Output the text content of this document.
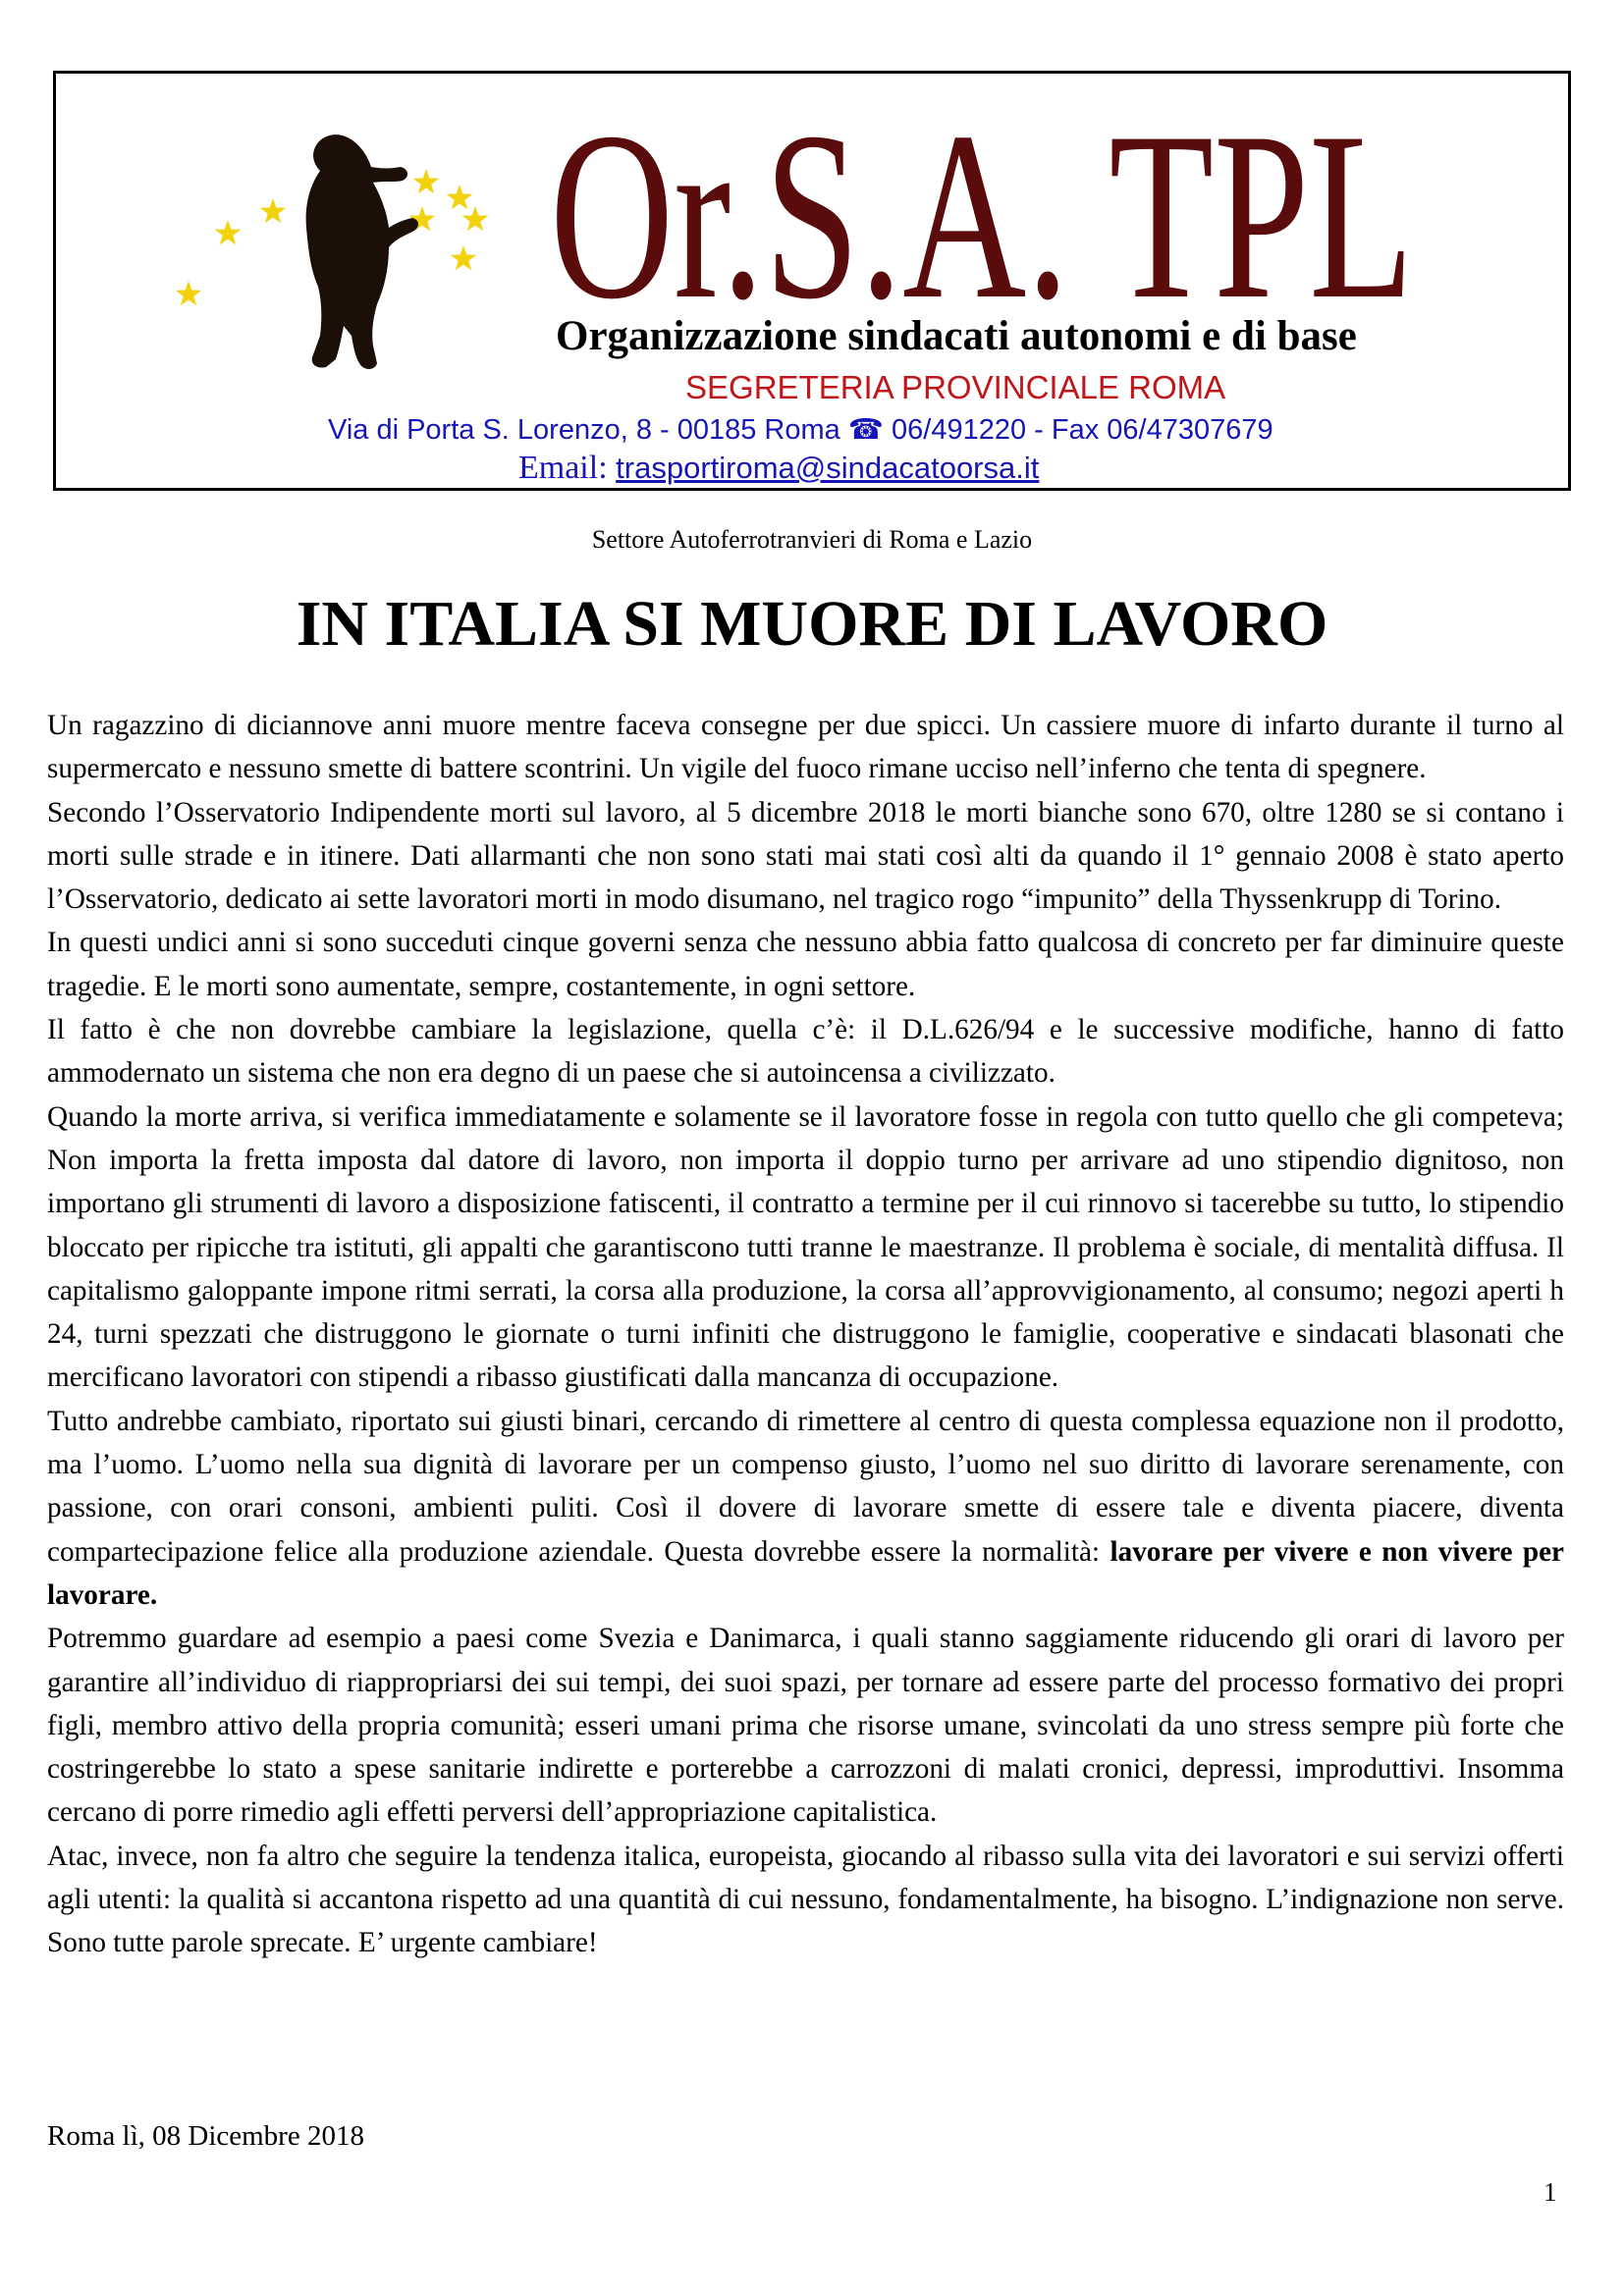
Or.S.A. TPL
Organizzazione sindacati autonomi e di base
SEGRETERIA PROVINCIALE ROMA
Via di Porta S. Lorenzo, 8 - 00185 Roma ☎ 06/491220 - Fax 06/47307679
Email: trasportiroma@sindacatoorsa.it
Settore Autoferrotranvieri di Roma e Lazio
IN ITALIA SI MUORE DI LAVORO

Un ragazzino di diciannove anni muore mentre faceva consegne per due spicci. Un cassiere muore di infarto durante il turno al supermercato e nessuno smette di battere scontrini. Un vigile del fuoco rimane ucciso nell’inferno che tenta di spegnere.

Secondo l’Osservatorio Indipendente morti sul lavoro, al 5 dicembre 2018 le morti bianche sono 670, oltre 1280 se si contano i morti sulle strade e in itinere. Dati allarmanti che non sono stati mai stati così alti da quando il 1° gennaio 2008 è stato aperto l’Osservatorio, dedicato ai sette lavoratori morti in modo disumano, nel tragico rogo “impunito” della Thyssenkrupp di Torino.

In questi undici anni si sono succeduti cinque governi senza che nessuno abbia fatto qualcosa di concreto per far diminuire queste tragedie. E le morti sono aumentate, sempre, costantemente, in ogni settore.

Il fatto è che non dovrebbe cambiare la legislazione, quella c’è: il D.L.626/94 e le successive modifiche, hanno di fatto ammodernato un sistema che non era degno di un paese che si autoincensa a civilizzato.

Quando la morte arriva, si verifica immediatamente e solamente se il lavoratore fosse in regola con tutto quello che gli competeva; Non importa la fretta imposta dal datore di lavoro, non importa il doppio turno per arrivare ad uno stipendio dignitoso, non importano gli strumenti di lavoro a disposizione fatiscenti, il contratto a termine per il cui rinnovo si tacerebbe su tutto, lo stipendio bloccato per ripicche tra istituti, gli appalti che garantiscono tutti tranne le maestranze. Il problema è sociale, di mentalità diffusa. Il capitalismo galoppante impone ritmi serrati, la corsa alla produzione, la corsa all’approvvigionamento, al consumo; negozi aperti h 24, turni spezzati che distruggono le giornate o turni infiniti che distruggono le famiglie, cooperative e sindacati blasonati che mercificano lavoratori con stipendi a ribasso giustificati dalla mancanza di occupazione.

Tutto andrebbe cambiato, riportato sui giusti binari, cercando di rimettere al centro di questa complessa equazione non il prodotto, ma l’uomo. L’uomo nella sua dignità di lavorare per un compenso giusto, l’uomo nel suo diritto di lavorare serenamente, con passione, con orari consoni, ambienti puliti. Così il dovere di lavorare smette di essere tale e diventa piacere, diventa compartecipazione felice alla produzione aziendale. Questa dovrebbe essere la normalità: lavorare per vivere e non vivere per lavorare.

Potremmo guardare ad esempio a paesi come Svezia e Danimarca, i quali stanno saggiamente riducendo gli orari di lavoro per garantire all’individuo di riappropriarsi dei sui tempi, dei suoi spazi, per tornare ad essere parte del processo formativo dei propri figli, membro attivo della propria comunità; esseri umani prima che risorse umane, svincolati da uno stress sempre più forte che costringerebbe lo stato a spese sanitarie indirette e porterebbe a carrozzoni di malati cronici, depressi, improduttivi. Insomma cercano di porre rimedio agli effetti perversi dell’appropriazione capitalistica.

Atac, invece, non fa altro che seguire la tendenza italica, europeista, giocando al ribasso sulla vita dei lavoratori e sui servizi offerti agli utenti: la qualità si accantona rispetto ad una quantità di cui nessuno, fondamentalmente, ha bisogno. L’indignazione non serve. Sono tutte parole sprecate. E’ urgente cambiare!

Roma lì, 08 Dicembre 2018
1
